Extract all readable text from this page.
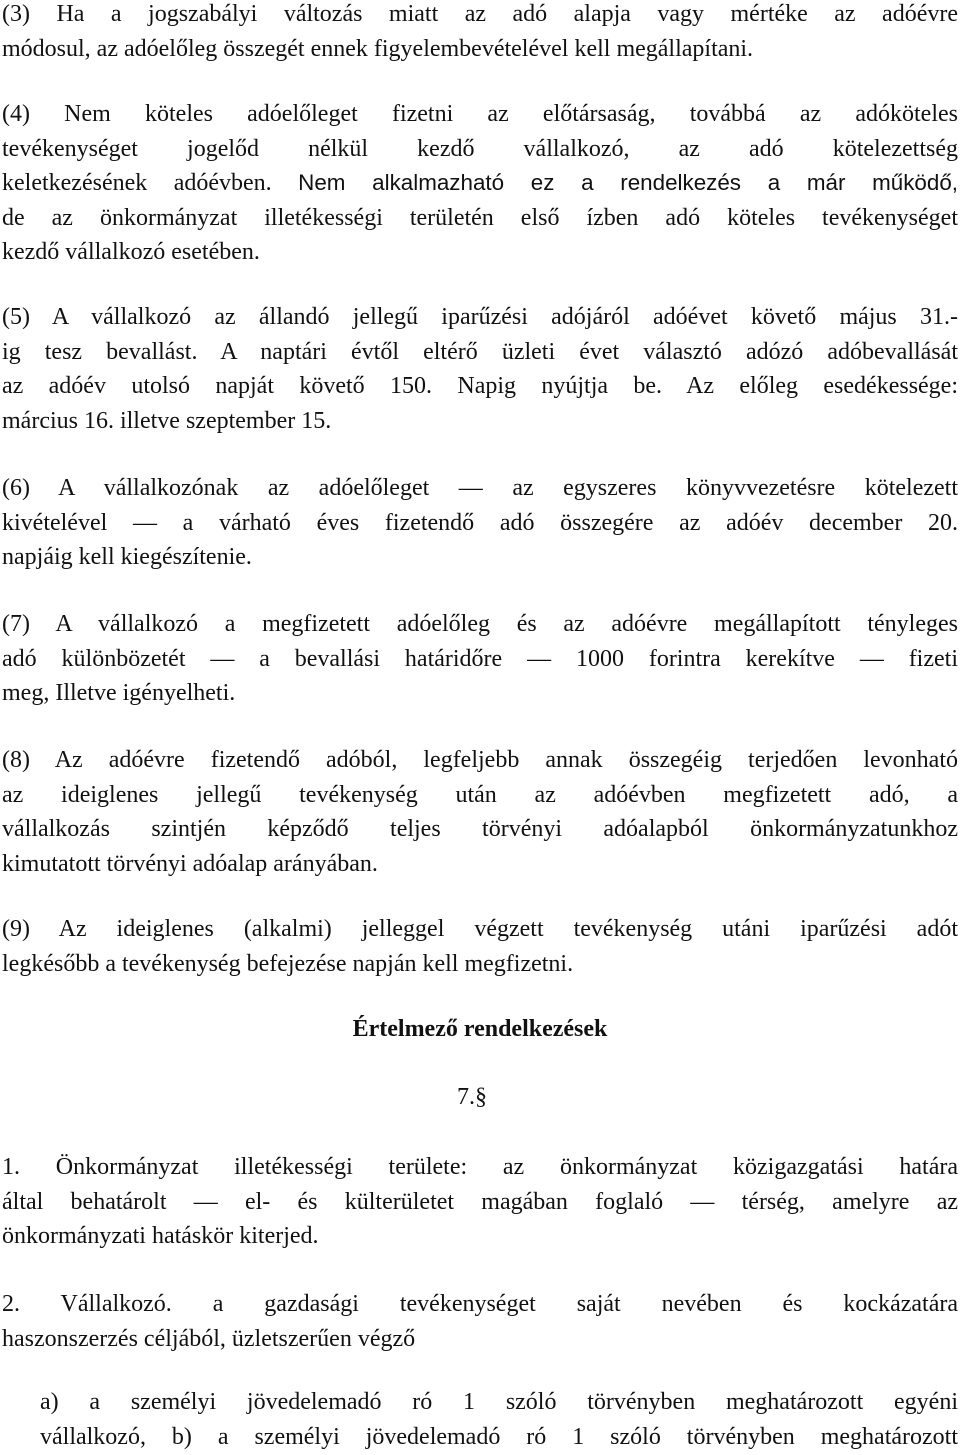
(3) Ha a jogszabályi változás miatt az adó alapja vagy mértéke az adóévre
módosul, az adóelőleg összegét ennek figyelembevételével kell megállapítani.
(4) Nem köteles adóelőleget fizetni az előtársaság, továbbá az adóköteles
tevékenységet jogelőd nélkül kezdő vállalkozó, az adó kötelezettség
keletkezésének adóévben. Nem alkalmazható ez a rendelkezés a már működő,
de az önkormányzat illetékességi területén első ízben adó köteles tevékenységet
kezdő vállalkozó esetében.
(5) A vállalkozó az állandó jellegű iparűzési adójáról adóévet követő május 31.-
ig tesz bevallást. A naptári évtől eltérő üzleti évet választó adózó adóbevallását
az adóév utolsó napját követő 150. Napig nyújtja be. Az előleg esedékessége:
március 16. illetve szeptember 15.
(6) A vállalkozónak az adóelőleget — az egyszeres könyvvezetésre kötelezett
kivételével — a várható éves fizetendő adó összegére az adóév december 20.
napjáig kell kiegészítenie.
(7) A vállalkozó a megfizetett adóelőleg és az adóévre megállapított tényleges
adó különbözetét — a bevallási határidőre — 1000 forintra kerekítve — fizeti
meg, Illetve igényelheti.
(8) Az adóévre fizetendő adóból, legfeljebb annak összegéig terjedően levonható
az ideiglenes jellegű tevékenység után az adóévben megfizetett adó, a
vállalkozás szintjén képződő teljes törvényi adóalapból önkormányzatunkhoz
kimutatott törvényi adóalap arányában.
(9) Az ideiglenes (alkalmi) jelleggel végzett tevékenység utáni iparűzési adót
legkésőbb a tevékenység befejezése napján kell megfizetni.
Értelmező rendelkezések

7.§

1. Önkormányzat illetékességi területe: az önkormányzat közigazgatási határa
által behatárolt — el- és külterületet magában foglaló — térség, amelyre az
önkormányzati hatáskör kiterjed.
2. Vállalkozó. a gazdasági tevékenységet saját nevében és kockázatára
haszonszerzés céljából, üzletszerűen végző
a) a személyi jövedelemadó ró 1 szóló törvényben meghatározott egyéni
vállalkozó, b) a személyi jövedelemadó ró 1 szóló törvényben meghatározott
